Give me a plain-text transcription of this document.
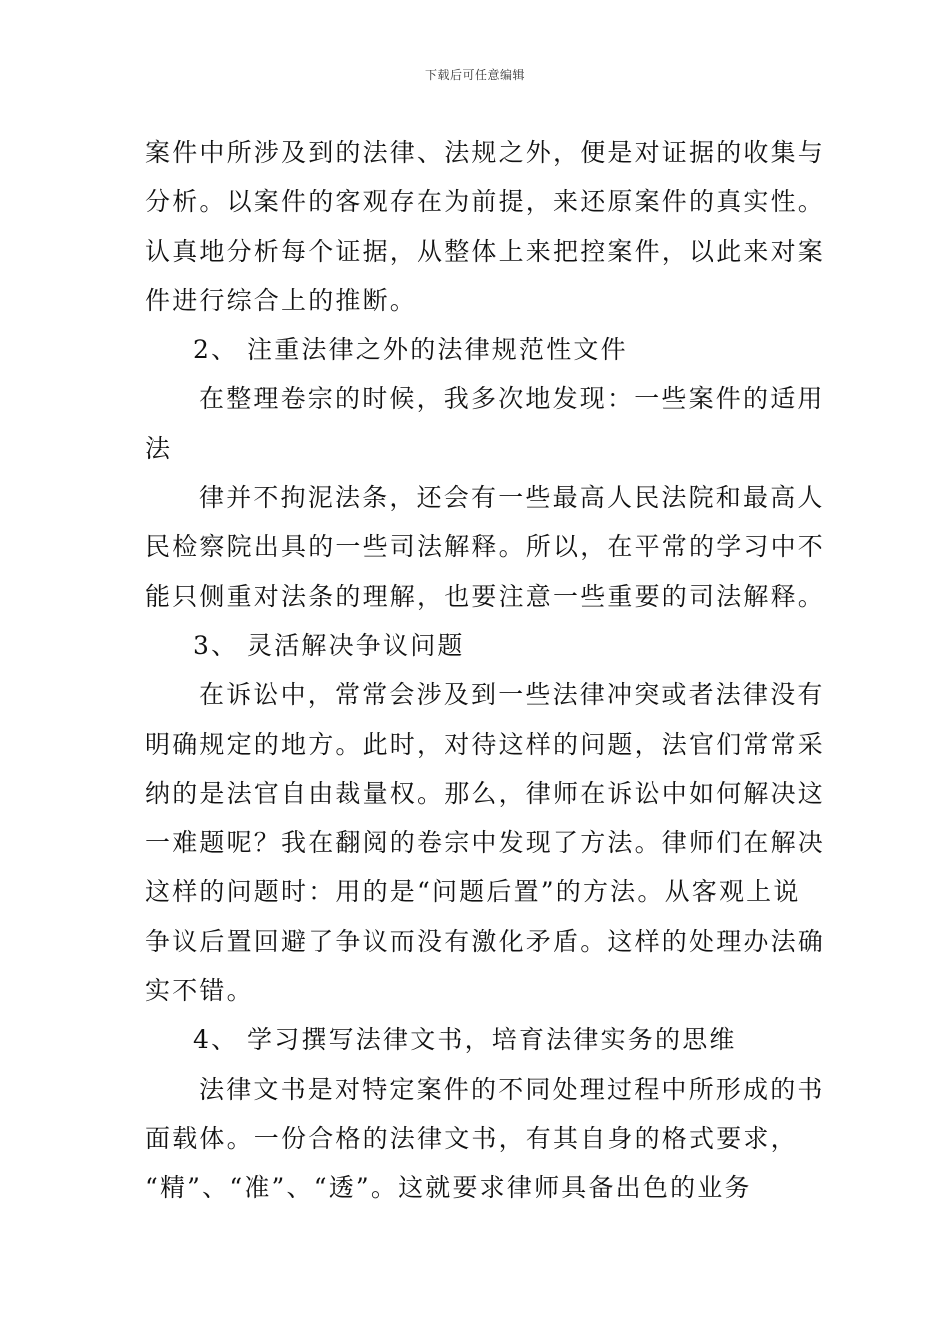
下载后可任意编辑
案件中所涉及到的法律、法规之外，便是对证据的收集与
分析。以案件的客观存在为前提，来还原案件的真实性。
认真地分析每个证据，从整体上来把控案件，以此来对案
件进行综合上的推断。
2、 注重法律之外的法律规范性文件
在整理卷宗的时候，我多次地发现：一些案件的适用
法
律并不拘泥法条，还会有一些最高人民法院和最高人
民检察院出具的一些司法解释。所以，在平常的学习中不
能只侧重对法条的理解，也要注意一些重要的司法解释。
3、 灵活解决争议问题
在诉讼中，常常会涉及到一些法律冲突或者法律没有
明确规定的地方。此时，对待这样的问题，法官们常常采
纳的是法官自由裁量权。那么，律师在诉讼中如何解决这
一难题呢？我在翻阅的卷宗中发现了方法。律师们在解决
这样的问题时：用的是“问题后置”的方法。从客观上说
争议后置回避了争议而没有激化矛盾。这样的处理办法确
实不错。
4、 学习撰写法律文书，培育法律实务的思维
法律文书是对特定案件的不同处理过程中所形成的书
面载体。一份合格的法律文书，有其自身的格式要求，
“精”、“准”、“透”。这就要求律师具备出色的业务
